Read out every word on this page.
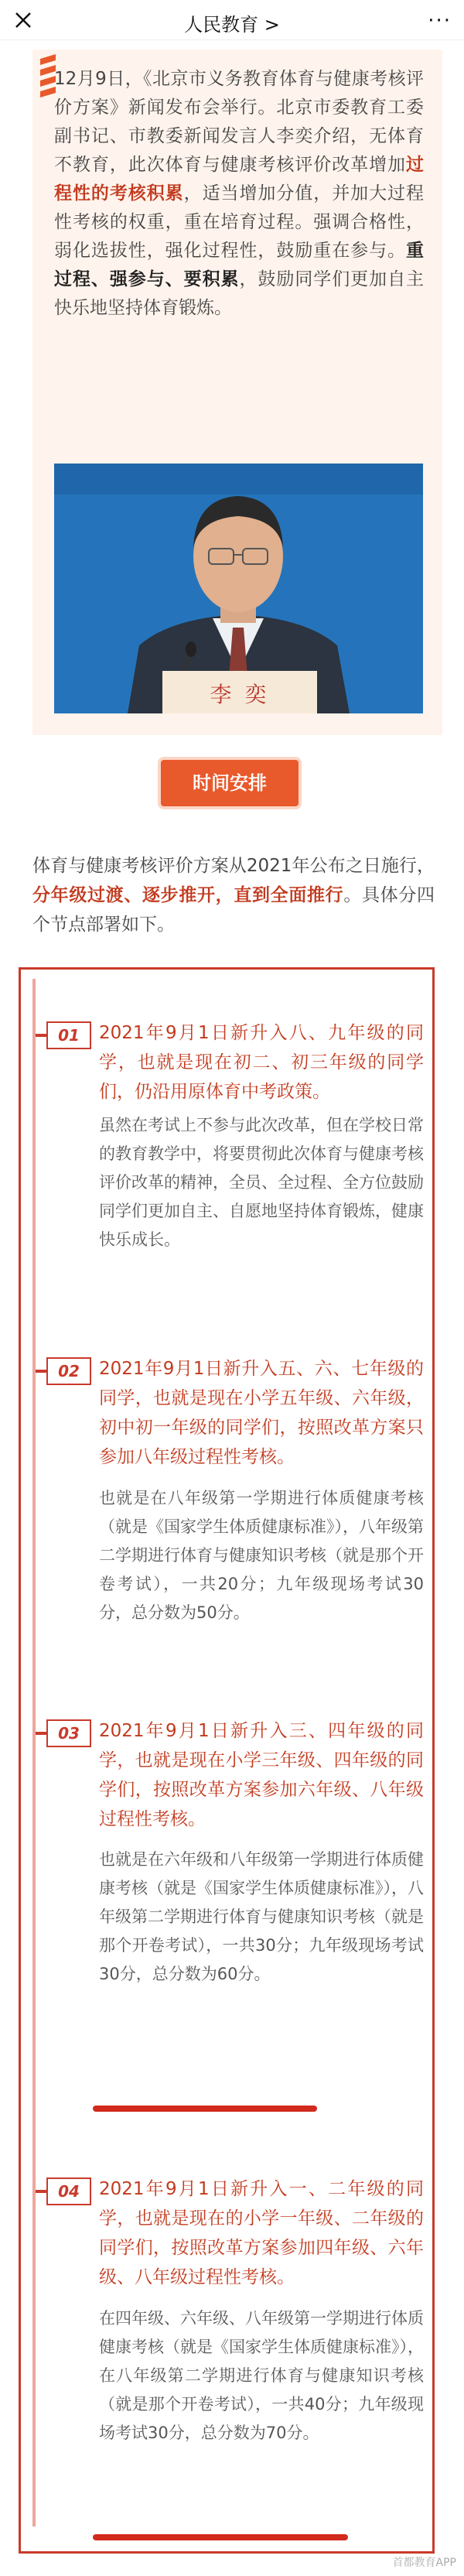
人民教育 >	···
12月9日，《北京市义务教育体育与健康考核评价方案》新闻发布会举行。北京市委教育工委副书记、市教委新闻发言人李奕介绍，无体育不教育，此次体育与健康考核评价改革增加过程性的考核积累，适当增加分值，并加大过程性考核的权重，重在培育过程。强调合格性，弱化选拔性，强化过程性，鼓励重在参与。重过程、强参与、要积累，鼓励同学们更加自主快乐地坚持体育锻炼。
李 奕
时间安排
体育与健康考核评价方案从2021年公布之日施行，分年级过渡、逐步推开，直到全面推行。具体分四个节点部署如下。
01	2021年9月1日新升入八、九年级的同学，也就是现在初二、初三年级的同学们，仍沿用原体育中考政策。
虽然在考试上不参与此次改革，但在学校日常的教育教学中，将要贯彻此次体育与健康考核评价改革的精神，全员、全过程、全方位鼓励同学们更加自主、自愿地坚持体育锻炼，健康快乐成长。
02	2021年9月1日新升入五、六、七年级的同学，也就是现在小学五年级、六年级，初中初一年级的同学们，按照改革方案只参加八年级过程性考核。
也就是在八年级第一学期进行体质健康考核（就是《国家学生体质健康标准》），八年级第二学期进行体育与健康知识考核（就是那个开卷考试），一共20分；九年级现场考试30分，总分数为50分。
03	2021年9月1日新升入三、四年级的同学，也就是现在小学三年级、四年级的同学们，按照改革方案参加六年级、八年级过程性考核。
也就是在六年级和八年级第一学期进行体质健康考核（就是《国家学生体质健康标准》），八年级第二学期进行体育与健康知识考核（就是那个开卷考试），一共30分；九年级现场考试30分，总分数为60分。
04	2021年9月1日新升入一、二年级的同学，也就是现在的小学一年级、二年级的同学们，按照改革方案参加四年级、六年级、八年级过程性考核。
在四年级、六年级、八年级第一学期进行体质健康考核（就是《国家学生体质健康标准》），在八年级第二学期进行体育与健康知识考核（就是那个开卷考试），一共40分；九年级现场考试30分，总分数为70分。
首都教育APP
